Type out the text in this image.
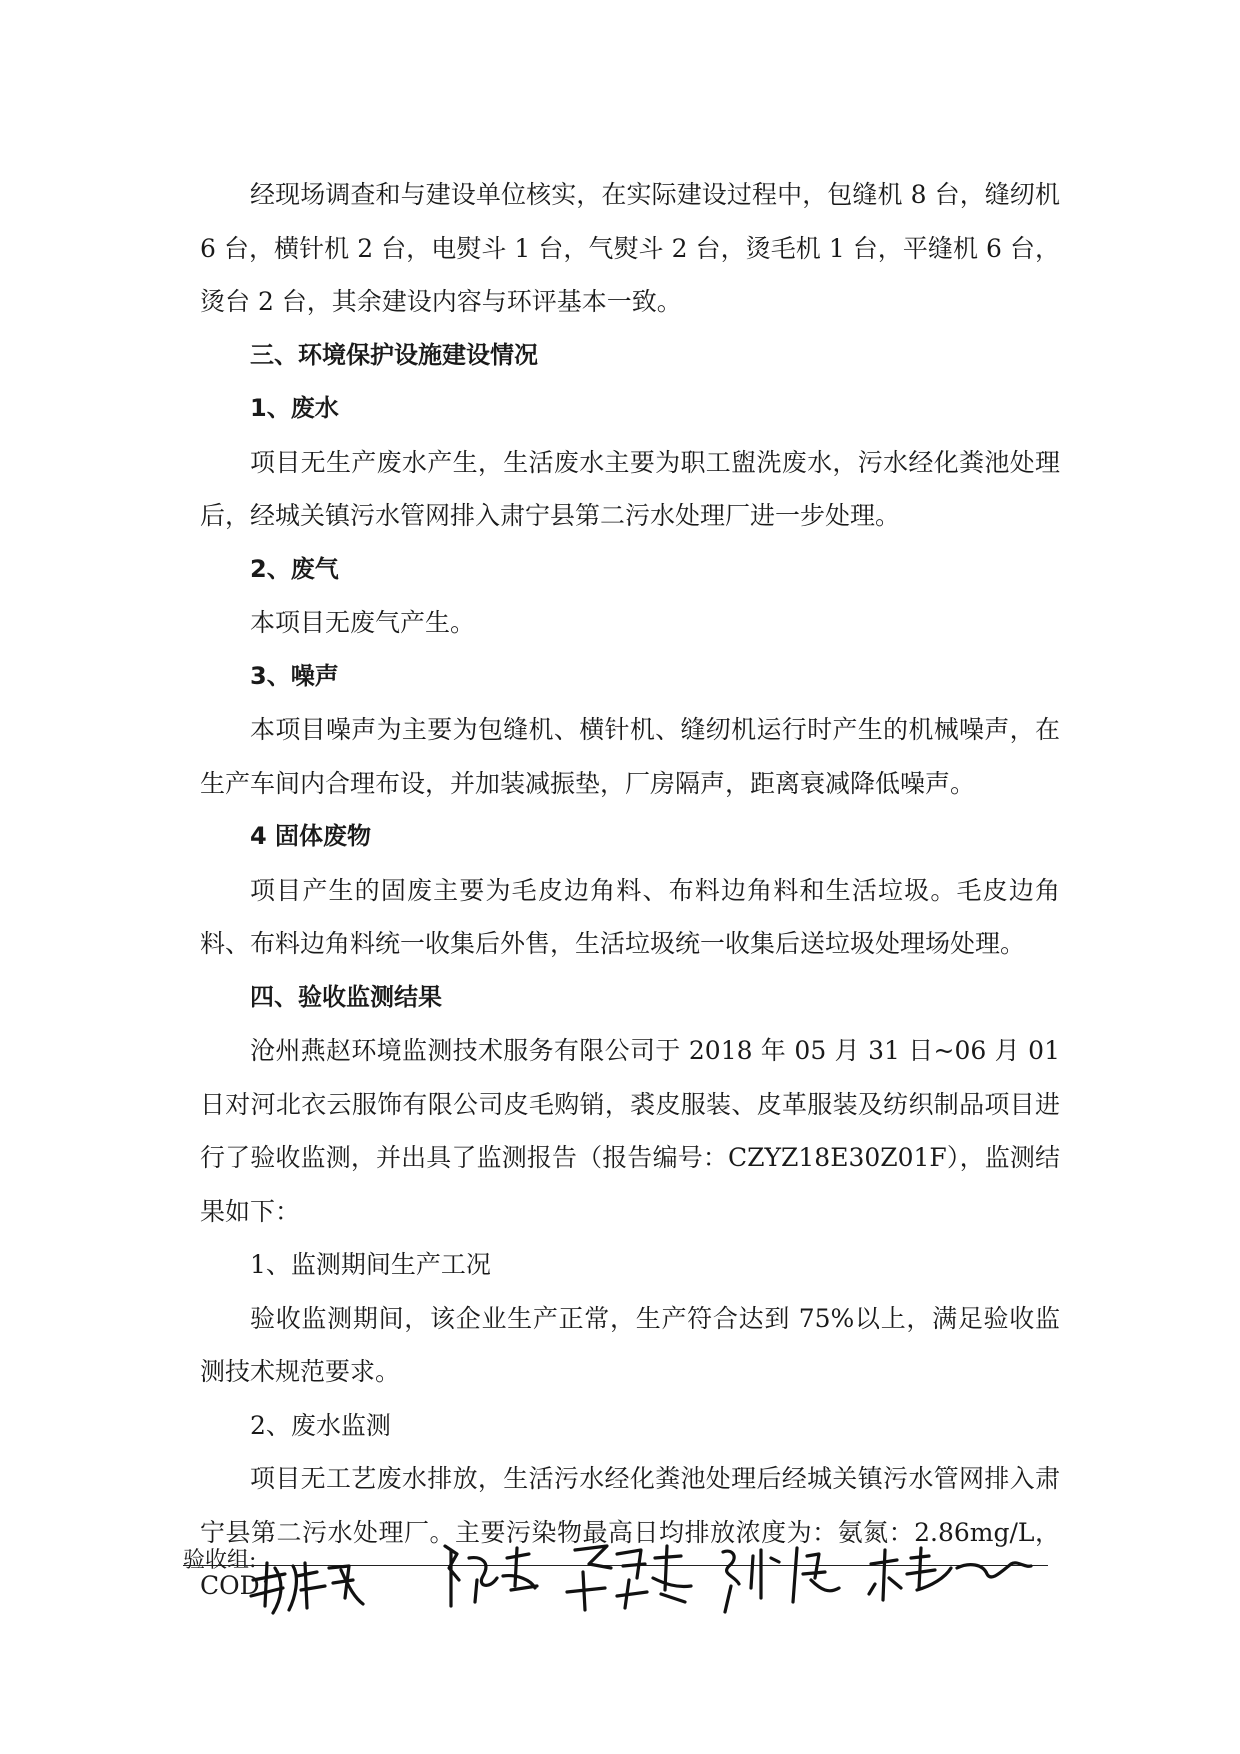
经现场调查和与建设单位核实，在实际建设过程中，包缝机 8 台，缝纫机 6 台，横针机 2 台，电熨斗 1 台，气熨斗 2 台，烫毛机 1 台，平缝机 6 台，烫台 2 台，其余建设内容与环评基本一致。

三、环境保护设施建设情况

1、废水

项目无生产废水产生，生活废水主要为职工盥洗废水，污水经化粪池处理后，经城关镇污水管网排入肃宁县第二污水处理厂进一步处理。

2、废气

本项目无废气产生。

3、噪声

本项目噪声为主要为包缝机、横针机、缝纫机运行时产生的机械噪声，在生产车间内合理布设，并加装减振垫，厂房隔声，距离衰减降低噪声。

4 固体废物

项目产生的固废主要为毛皮边角料、布料边角料和生活垃圾。毛皮边角料、布料边角料统一收集后外售，生活垃圾统一收集后送垃圾处理场处理。

四、验收监测结果

沧州燕赵环境监测技术服务有限公司于 2018 年 05 月 31 日~06 月 01 日对河北衣云服饰有限公司皮毛购销，裘皮服装、皮革服装及纺织制品项目进行了验收监测，并出具了监测报告（报告编号：CZYZ18E30Z01F），监测结果如下：

1、监测期间生产工况

验收监测期间，该企业生产正常，生产符合达到 75%以上，满足验收监测技术规范要求。

2、废水监测

项目无工艺废水排放，生活污水经化粪池处理后经城关镇污水管网排入肃宁县第二污水处理厂。主要污染物最高日均排放浓度为：氨氮：2.86mg/L，COD：

验收组:
